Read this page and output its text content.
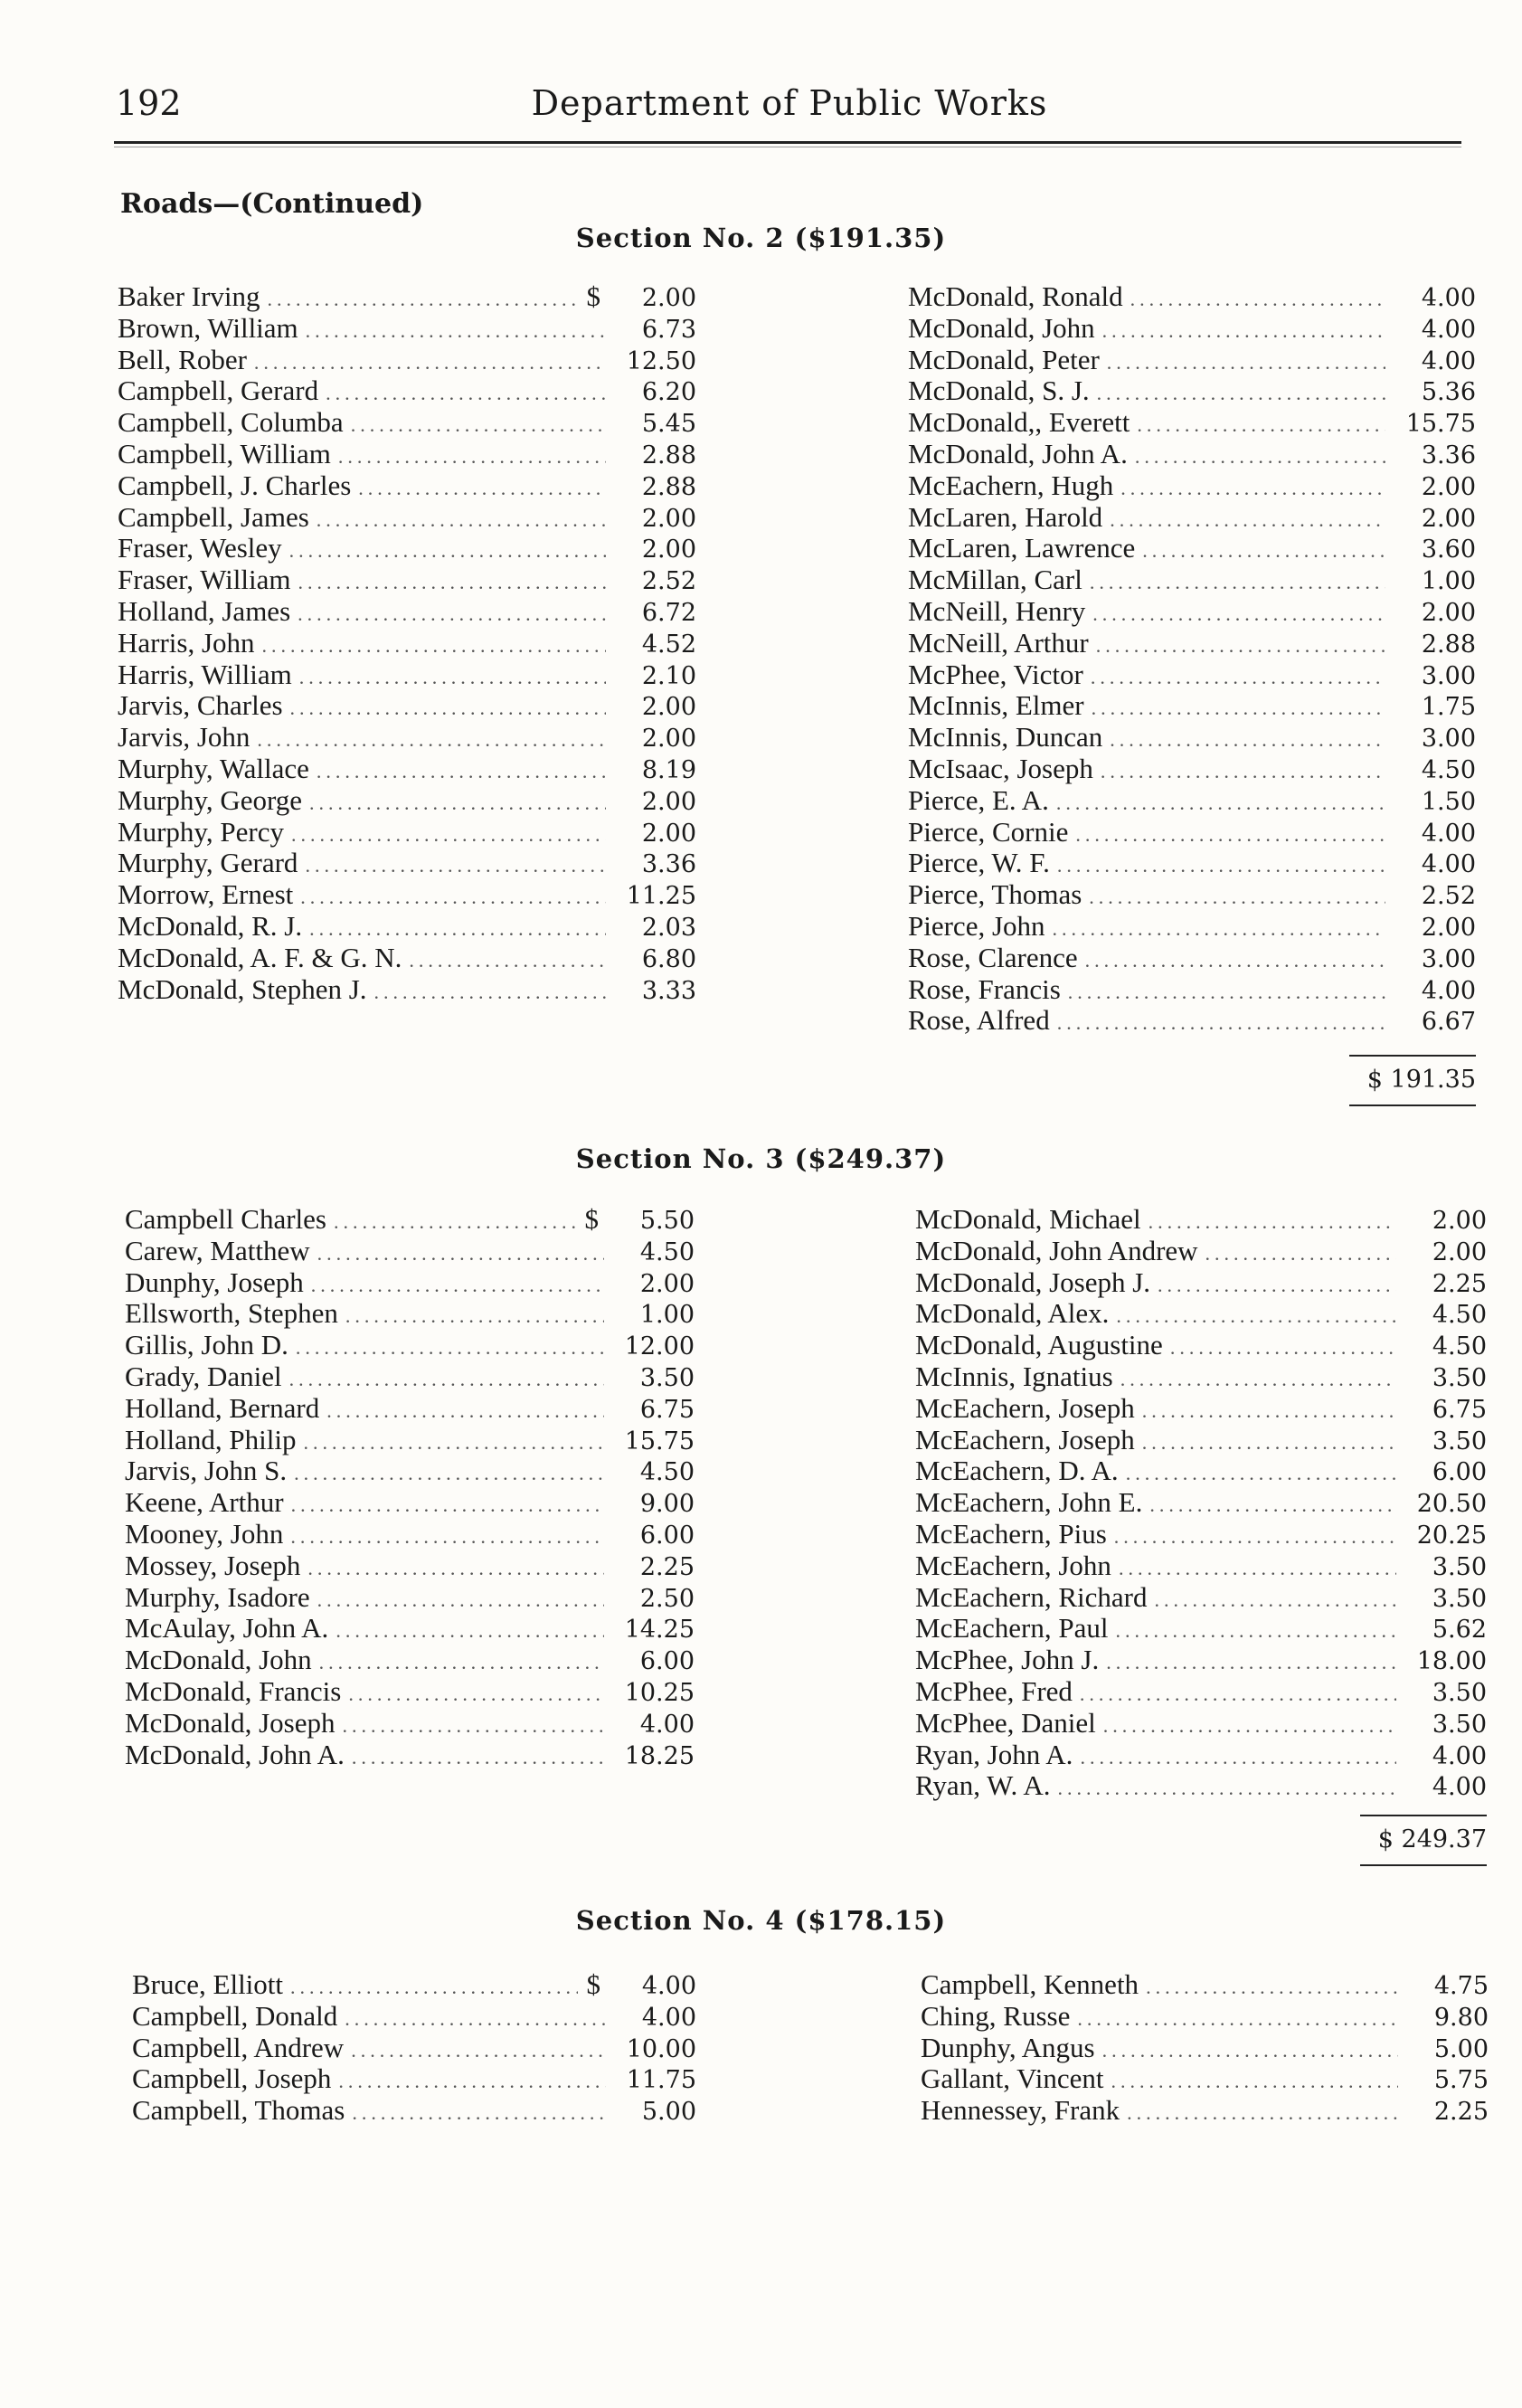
192	Department of Public Works
Roads—(Continued)
Section No. 2 ($191.35)
Baker Irving .....	$	2.00
Brown, William .....	6.73
Bell, Rober .....	12.50
Campbell, Gerard .....	6.20
Campbell, Columba .....	5.45
Campbell, William .....	2.88
Campbell, J. Charles .....	2.88
Campbell, James .....	2.00
Fraser, Wesley .....	2.00
Fraser, William .....	2.52
Holland, James .....	6.72
Harris, John .....	4.52
Harris, William .....	2.10
Jarvis, Charles .....	2.00
Jarvis, John .....	2.00
Murphy, Wallace .....	8.19
Murphy, George .....	2.00
Murphy, Percy .....	2.00
Murphy, Gerard .....	3.36
Morrow, Ernest .....	11.25
McDonald, R. J. .....	2.03
McDonald, A. F. & G. N. .....	6.80
McDonald, Stephen J. .....	3.33
McDonald, Ronald .....	4.00
McDonald, John .....	4.00
McDonald, Peter .....	4.00
McDonald, S. J. .....	5.36
McDonald,, Everett .....	15.75
McDonald, John A. .....	3.36
McEachern, Hugh .....	2.00
McLaren, Harold .....	2.00
McLaren, Lawrence .....	3.60
McMillan, Carl .....	1.00
McNeill, Henry .....	2.00
McNeill, Arthur .....	2.88
McPhee, Victor .....	3.00
McInnis, Elmer .....	1.75
McInnis, Duncan .....	3.00
McIsaac, Joseph .....	4.50
Pierce, E. A. .....	1.50
Pierce, Cornie .....	4.00
Pierce, W. F. .....	4.00
Pierce, Thomas .....	2.52
Pierce, John .....	2.00
Rose, Clarence .....	3.00
Rose, Francis .....	4.00
Rose, Alfred .....	6.67
$ 191.35
Section No. 3 ($249.37)
Campbell Charles .....	$	5.50
Carew, Matthew .....	4.50
Dunphy, Joseph .....	2.00
Ellsworth, Stephen .....	1.00
Gillis, John D. .....	12.00
Grady, Daniel .....	3.50
Holland, Bernard .....	6.75
Holland, Philip .....	15.75
Jarvis, John S. .....	4.50
Keene, Arthur .....	9.00
Mooney, John .....	6.00
Mossey, Joseph .....	2.25
Murphy, Isadore .....	2.50
McAulay, John A. .....	14.25
McDonald, John .....	6.00
McDonald, Francis .....	10.25
McDonald, Joseph .....	4.00
McDonald, John A. .....	18.25
McDonald, Michael .....	2.00
McDonald, John Andrew .....	2.00
McDonald, Joseph J. .....	2.25
McDonald, Alex. .....	4.50
McDonald, Augustine .....	4.50
McInnis, Ignatius .....	3.50
McEachern, Joseph .....	6.75
McEachern, Joseph .....	3.50
McEachern, D. A. .....	6.00
McEachern, John E. .....	20.50
McEachern, Pius .....	20.25
McEachern, John .....	3.50
McEachern, Richard .....	3.50
McEachern, Paul .....	5.62
McPhee, John J. .....	18.00
McPhee, Fred .....	3.50
McPhee, Daniel .....	3.50
Ryan, John A. .....	4.00
Ryan, W. A. .....	4.00
$ 249.37
Section No. 4 ($178.15)
Bruce, Elliott .....	$	4.00
Campbell, Donald .....	4.00
Campbell, Andrew .....	10.00
Campbell, Joseph .....	11.75
Campbell, Thomas .....	5.00
Campbell, Kenneth .....	4.75
Ching, Russe .....	9.80
Dunphy, Angus .....	5.00
Gallant, Vincent .....	5.75
Hennessey, Frank .....	2.25
